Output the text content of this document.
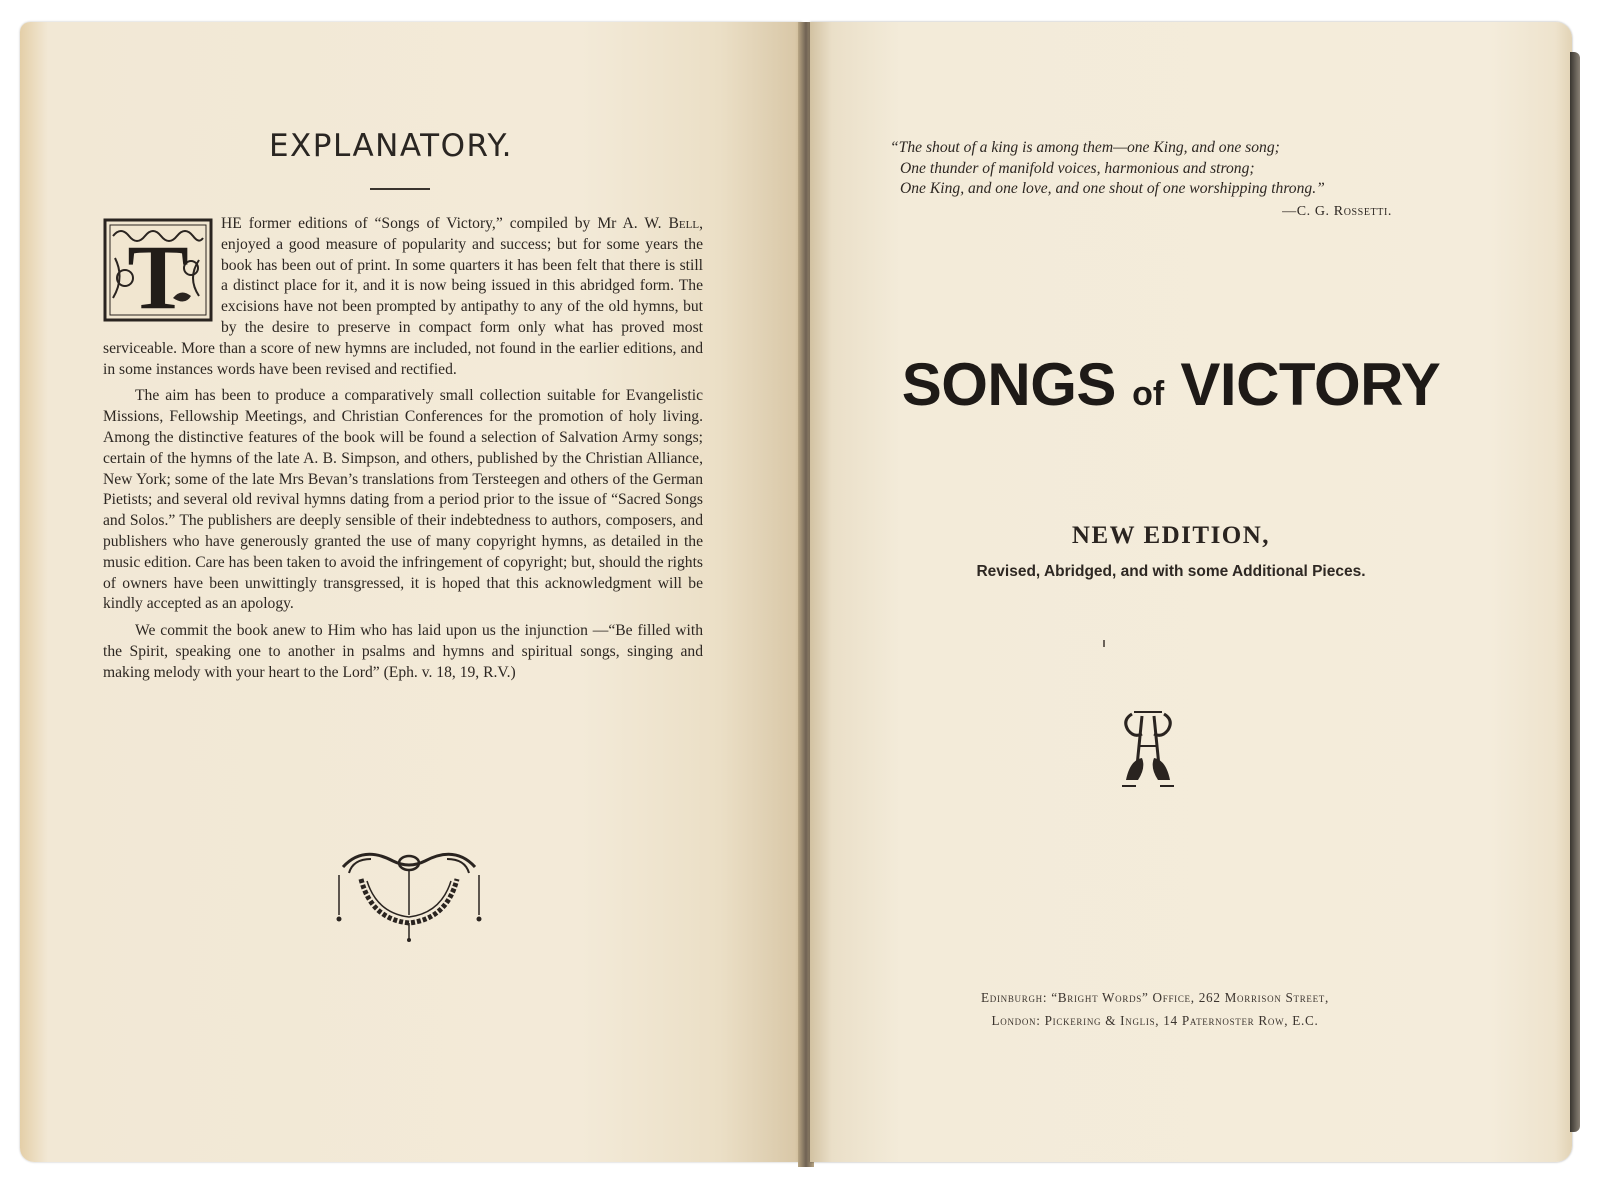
EXPLANATORY.

T
HE former editions of “Songs of Victory,” compiled by Mr A. W. Bell, enjoyed a good measure of popularity and success; but for some years the book has been out of print. In some quarters it has been felt that there is still a distinct place for it, and it is now being issued in this abridged form. The excisions have not been prompted by antipathy to any of the old hymns, but by the desire to preserve in compact form only what has proved most serviceable. More than a score of new hymns are included, not found in the earlier editions, and in some instances words have been revised and rectified.

The aim has been to produce a comparatively small collection suitable for Evangelistic Missions, Fellowship Meetings, and Christian Conferences for the promotion of holy living. Among the distinctive features of the book will be found a selection of Salvation Army songs; certain of the hymns of the late A. B. Simpson, and others, published by the Christian Alliance, New York; some of the late Mrs Bevan’s translations from Tersteegen and others of the German Pietists; and several old revival hymns dating from a period prior to the issue of “Sacred Songs and Solos.” The publishers are deeply sensible of their indebtedness to authors, composers, and publishers who have generously granted the use of many copyright hymns, as detailed in the music edition. Care has been taken to avoid the infringement of copyright; but, should the rights of owners have been unwittingly transgressed, it is hoped that this acknowledgment will be kindly accepted as an apology.

We commit the book anew to Him who has laid upon us the injunction —“Be filled with the Spirit, speaking one to another in psalms and hymns and spiritual songs, singing and making melody with your heart to the Lord” (Eph. v. 18, 19, R.V.)

“The shout of a king is among them—one King, and one song;
One thunder of manifold voices, harmonious and strong;
One King, and one love, and one shout of one worshipping throng.”
—C. G. Rossetti.
SONGS of VICTORY
NEW EDITION,
Revised, Abridged, and with some Additional Pieces.
Edinburgh: “Bright Words” Office, 262 Morrison Street,
London: Pickering & Inglis, 14 Paternoster Row, E.C.
